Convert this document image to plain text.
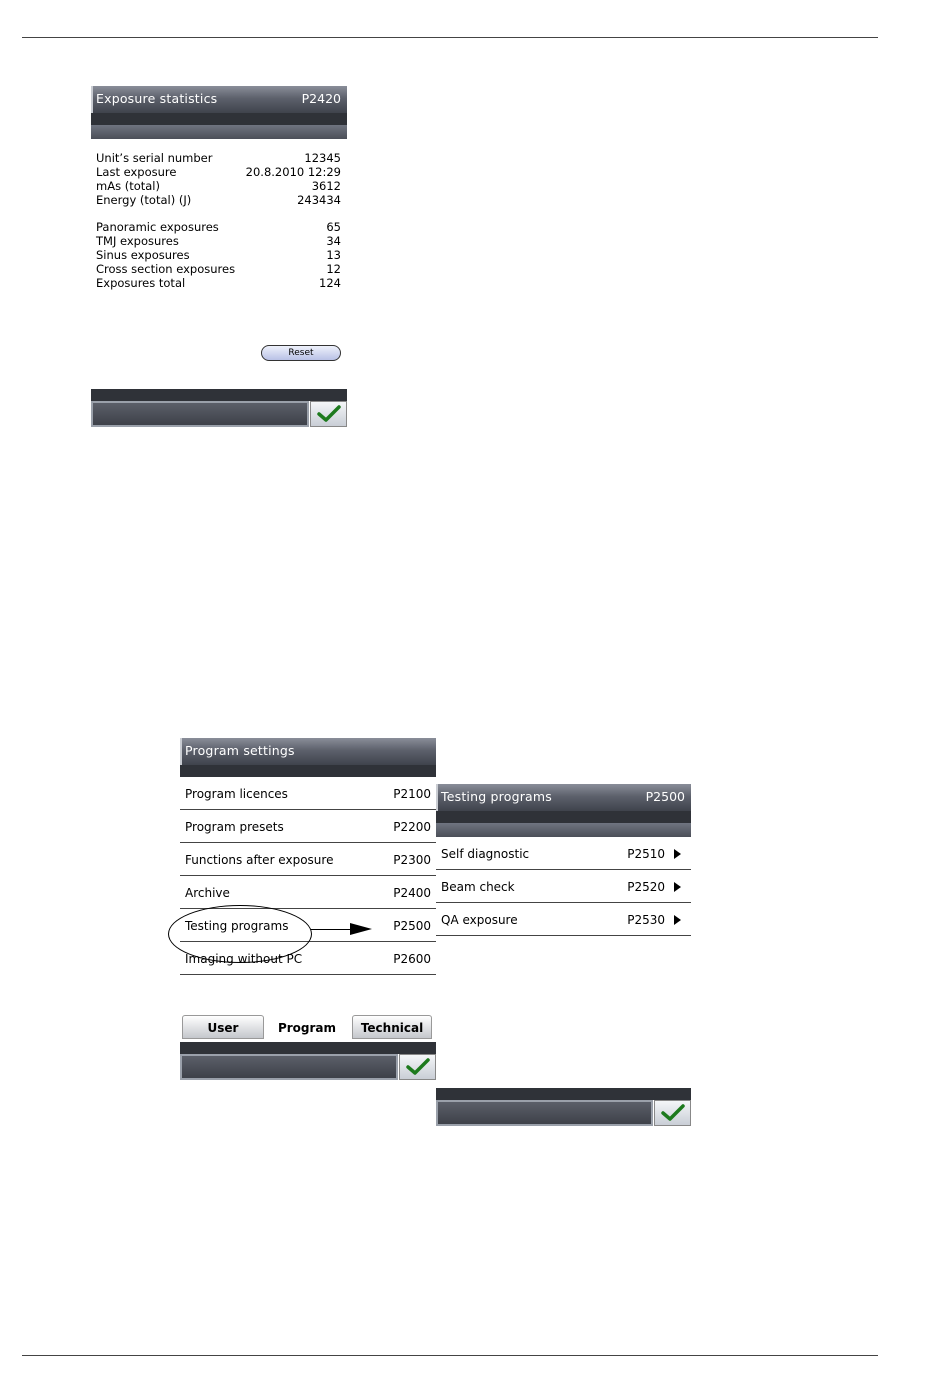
Exposure statistics	P2420
Unit’s serial number	12345
Last exposure	20.8.2010 12:29
mAs (total)	3612
Energy (total) (J)	243434
Panoramic exposures	65
TMJ exposures	34
Sinus exposures	13
Cross section exposures	12
Exposures total	124
Reset
Program settings
Program licences	P2100
Program presets	P2200
Functions after exposure	P2300
Archive	P2400
Testing programs	P2500
Imaging without PC	P2600
User	Program	Technical
Testing programs	P2500
Self diagnostic	P2510
Beam check	P2520
QA exposure	P2530
